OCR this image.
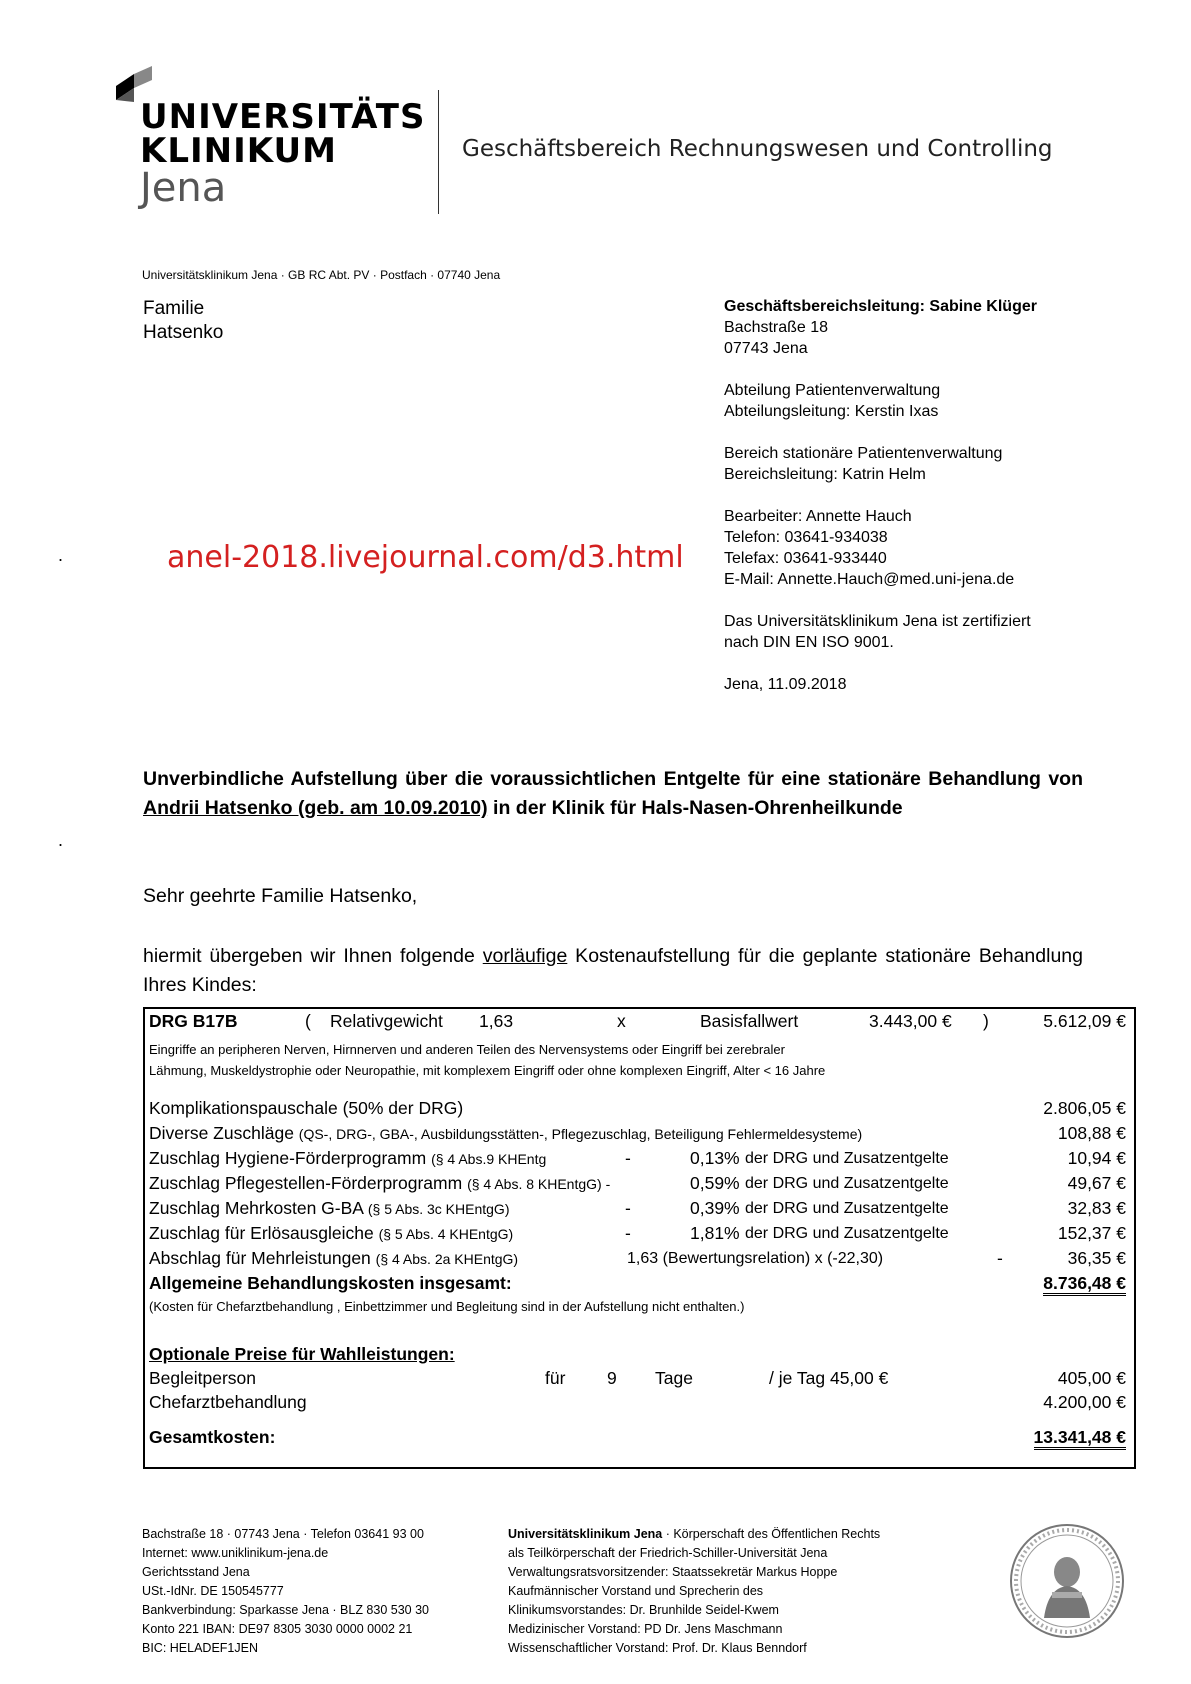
UNIVERSITÄTS
KLINIKUM
Jena
Geschäftsbereich Rechnungswesen und Controlling
Universitätsklinikum Jena · GB RC Abt. PV · Postfach · 07740 Jena
Familie
Hatsenko
Geschäftsbereichsleitung: Sabine Klüger
Bachstraße 18
07743 Jena
Abteilung Patientenverwaltung
Abteilungsleitung: Kerstin Ixas
Bereich stationäre Patientenverwaltung
Bereichsleitung: Katrin Helm
Bearbeiter: Annette Hauch
Telefon: 03641-934038
Telefax: 03641-933440
E-Mail: Annette.Hauch@med.uni-jena.de
Das Universitätsklinikum Jena ist zertifiziert
nach DIN EN ISO 9001.
Jena, 11.09.2018
anel-2018.livejournal.com/d3.html
.
.
Unverbindliche Aufstellung über die voraussichtlichen Entgelte für eine stationäre Behandlung von Andrii Hatsenko (geb. am 10.09.2010) in der Klinik für Hals-Nasen-Ohrenheilkunde
Sehr geehrte Familie Hatsenko,
hiermit übergeben wir Ihnen folgende vorläufige Kostenaufstellung für die geplante stationäre Behandlung Ihres Kindes:
DRG B17B	( Relativgewicht 1,63	x	Basisfallwert	3.443,00 € )	5.612,09 €
Eingriffe an peripheren Nerven, Hirnnerven und anderen Teilen des Nervensystems oder Eingriff bei zerebraler
Lähmung, Muskeldystrophie oder Neuropathie, mit komplexem Eingriff oder ohne komplexen Eingriff, Alter < 16 Jahre
Komplikationspauschale (50% der DRG)	2.806,05 €
Diverse Zuschläge (QS-, DRG-, GBA-, Ausbildungsstätten-, Pflegezuschlag, Beteiligung Fehlermeldesysteme)	108,88 €
Zuschlag Hygiene-Förderprogramm (§ 4 Abs.9 KHEntg	-	0,13% der DRG und Zusatzentgelte	10,94 €
Zuschlag Pflegestellen-Förderprogramm (§ 4 Abs. 8 KHEntgG) -	0,59% der DRG und Zusatzentgelte	49,67 €
Zuschlag Mehrkosten G-BA (§ 5 Abs. 3c KHEntgG)	-	0,39% der DRG und Zusatzentgelte	32,83 €
Zuschlag für Erlösausgleiche (§ 5 Abs. 4 KHEntgG)	-	1,81% der DRG und Zusatzentgelte	152,37 €
Abschlag für Mehrleistungen (§ 4 Abs. 2a KHEntgG)	1,63 (Bewertungsrelation) x (-22,30)	-	36,35 €
Allgemeine Behandlungskosten insgesamt:	8.736,48 €
(Kosten für Chefarztbehandlung , Einbettzimmer und Begleitung sind in der Aufstellung nicht enthalten.)
Optionale Preise für Wahlleistungen:
Begleitperson	für 9 Tage	/ je Tag 45,00 €	405,00 €
Chefarztbehandlung	4.200,00 €
Gesamtkosten:	13.341,48 €
Bachstraße 18 · 07743 Jena · Telefon 03641 93 00
Internet: www.uniklinikum-jena.de
Gerichtsstand Jena
USt.-IdNr. DE 150545777
Bankverbindung: Sparkasse Jena · BLZ 830 530 30
Konto 221 IBAN: DE97 8305 3030 0000 0002 21
BIC: HELADEF1JEN
Universitätsklinikum Jena · Körperschaft des Öffentlichen Rechts
als Teilkörperschaft der Friedrich-Schiller-Universität Jena
Verwaltungsratsvorsitzender: Staatssekretär Markus Hoppe
Kaufmännischer Vorstand und Sprecherin des
Klinikumsvorstandes: Dr. Brunhilde Seidel-Kwem
Medizinischer Vorstand: PD Dr. Jens Maschmann
Wissenschaftlicher Vorstand: Prof. Dr. Klaus Benndorf
